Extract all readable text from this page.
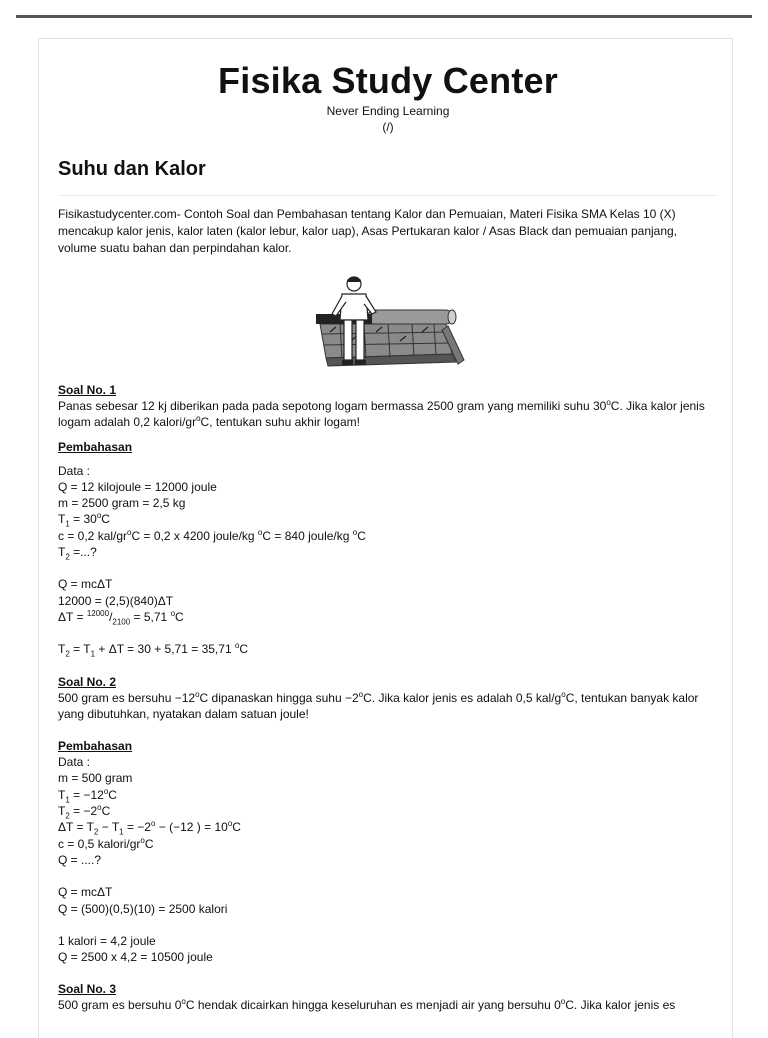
Fisika Study Center
Never Ending Learning
(/)
Suhu dan Kalor
Fisikastudycenter.com- Contoh Soal dan Pembahasan tentang Kalor dan Pemuaian, Materi Fisika SMA Kelas 10 (X) mencakup kalor jenis, kalor laten (kalor lebur, kalor uap), Asas Pertukaran kalor / Asas Black dan pemuaian panjang, volume suatu bahan dan perpindahan kalor.
Soal No. 1
Panas sebesar 12 kj diberikan pada pada sepotong logam bermassa 2500 gram yang memiliki suhu 30$^o$C. Jika kalor jenis logam adalah 0,2 kalori/$gr^oC$, tentukan suhu akhir logam!
Pembahasan
Data :
Q = 12 kilojoule = 12000 joule
m = 2500 gram = 2,5 kg
$T_1 = 30^oC$
c = 0,2 kal/$gr^oC = 0,2$ x 4200 joule/kg $^o$C = 840 joule/kg $^o$C
$T_2$ =...?
Q = mcΔT
12000 = (2,5)(840)ΔT
$\Delta T = ^{12000}/_{2100} = 5,71$ $^o$C
$T_2 = T_1 + \Delta T = 30 + 5,71 = 35,71$ $^o$C
Soal No. 2
500 gram es bersuhu $-12^oC$ dipanaskan hingga suhu $-2^oC$. Jika kalor jenis es adalah 0,5 kal/$g^oC$, tentukan banyak kalor yang dibutuhkan, nyatakan dalam satuan joule!
Pembahasan
Data :
m = 500 gram
$T_1 = -12^oC$
$T_2 = -2^oC$
$\Delta T = T_2 - T_1 = -2^o - (-12$ ) = $10^oC$
c = 0,5 kalori/$gr^oC$
Q = ....?
Q = mcΔT
Q = (500)(0,5)(10) = 2500 kalori
1 kalori = 4,2 joule
Q = 2500 x 4,2 = 10500 joule
Soal No. 3
500 gram es bersuhu 0$^o$C hendak dicairkan hingga keseluruhan es menjadi air yang bersuhu 0$^o$C. Jika kalor jenis es
